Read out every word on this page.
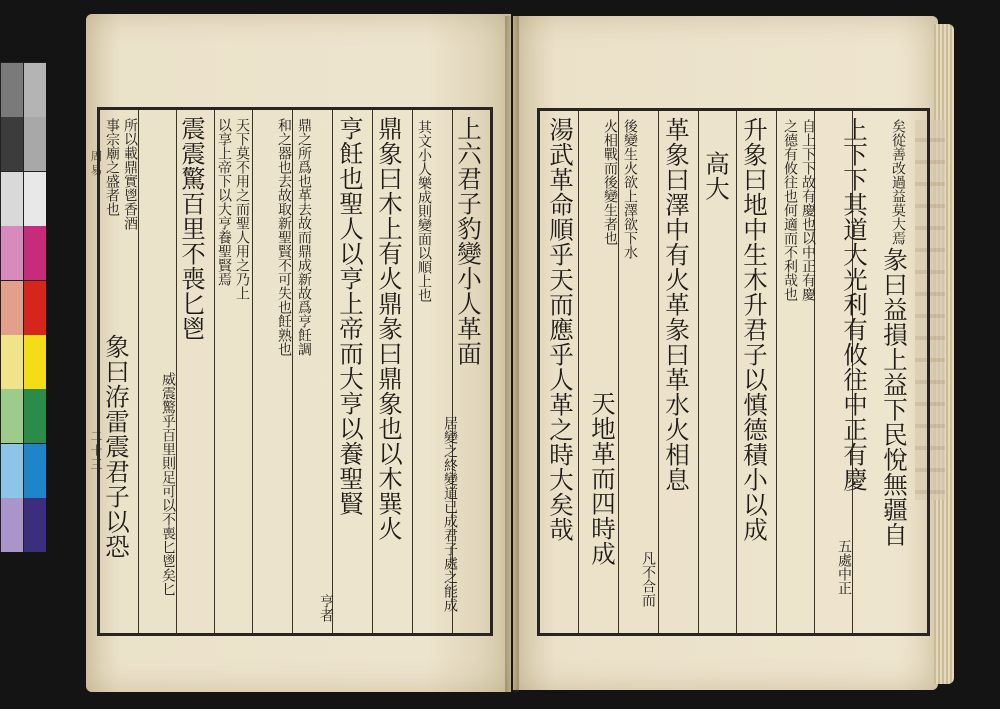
周易
二十三
上六君子豹變小人革面
居變之終變道已成君子處之能成
其文小人樂成則變面以順上也
鼎象曰木上有火鼎彖曰鼎象也以木巽火
亨飪也聖人以亨上帝而大亨以養聖賢
亨者
鼎之所爲也革去故而鼎成新故爲亨飪調
和之器也去故取新聖賢不可失也飪熟也
天下莫不用之而聖人用之乃上
以享上帝下以大亨養聖賢焉
震震驚百里不喪匕鬯
威震驚乎百里則足可以不喪匕鬯矣匕
所以載鼎實鬯香酒
象曰洊雷震君子以恐
事宗廟之盛者也	矣從善改過益莫大焉
彖曰益損上益下民悅無疆自
上下下其道大光利有攸往中正有慶
五處中正
自上下下故有慶也以中正有慶
之德有攸往也何適而不利哉也
升象曰地中生木升君子以慎德積小以成
高大
革象曰澤中有火革彖曰革水火相息
凡不合而
後變生火欲上澤欲下水
天地革而四時成
火相戰而後變生者也
湯武革命順乎天而應乎人革之時大矣哉
